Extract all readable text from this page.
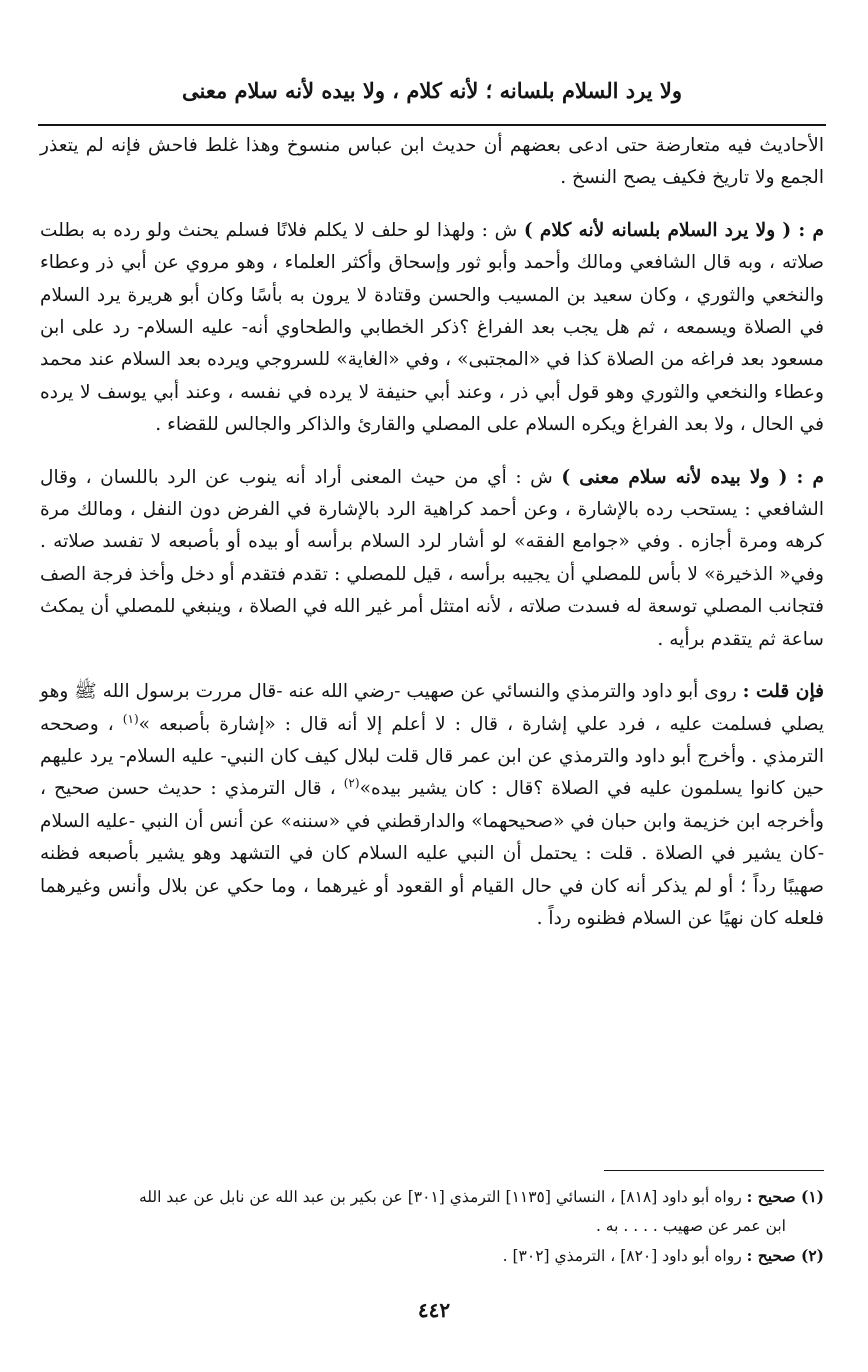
ولا يرد السلام بلسانه ؛ لأنه كلام ، ولا بيده لأنه سلام معنى

الأحاديث فيه متعارضة حتى ادعى بعضهم أن حديث ابن عباس منسوخ وهذا غلط فاحش فإنه لم يتعذر الجمع ولا تاريخ فكيف يصح النسخ .

م : ( ولا يرد السلام بلسانه لأنه كلام ) ش : ولهذا لو حلف لا يكلم فلانًا فسلم يحنث ولو رده به بطلت صلاته ، وبه قال الشافعي ومالك وأحمد وأبو ثور وإسحاق وأكثر العلماء ، وهو مروي عن أبي ذر وعطاء والنخعي والثوري ، وكان سعيد بن المسيب والحسن وقتادة لا يرون به بأسًا وكان أبو هريرة يرد السلام في الصلاة ويسمعه ، ثم هل يجب بعد الفراغ ؟ذكر الخطابي والطحاوي أنه- عليه السلام- رد على ابن مسعود بعد فراغه من الصلاة كذا في «المجتبى» ، وفي «الغاية» للسروجي ويرده بعد السلام عند محمد وعطاء والنخعي والثوري وهو قول أبي ذر ، وعند أبي حنيفة لا يرده في نفسه ، وعند أبي يوسف لا يرده في الحال ، ولا بعد الفراغ ويكره السلام على المصلي والقارئ والذاكر والجالس للقضاء .

م : ( ولا بيده لأنه سلام معنى ) ش : أي من حيث المعنى أراد أنه ينوب عن الرد باللسان ، وقال الشافعي : يستحب رده بالإشارة ، وعن أحمد كراهية الرد بالإشارة في الفرض دون النفل ، ومالك مرة كرهه ومرة أجازه . وفي «جوامع الفقه» لو أشار لرد السلام برأسه أو بيده أو بأصبعه لا تفسد صلاته . وفي« الذخيرة» لا بأس للمصلي أن يجيبه برأسه ، قيل للمصلي : تقدم فتقدم أو دخل وأخذ فرجة الصف فتجانب المصلي توسعة له فسدت صلاته ، لأنه امتثل أمر غير الله في الصلاة ، وينبغي للمصلي أن يمكث ساعة ثم يتقدم برأيه .

فإن قلت : روى أبو داود والترمذي والنسائي عن صهيب -رضي الله عنه -قال مررت برسول الله ﷺ وهو يصلي فسلمت عليه ، فرد علي إشارة ، قال : لا أعلم إلا أنه قال : «إشارة بأصبعه »$^{(١)}$ ، وصححه الترمذي . وأخرج أبو داود والترمذي عن ابن عمر قال قلت لبلال كيف كان النبي- عليه السلام- يرد عليهم حين كانوا يسلمون عليه في الصلاة ؟قال : كان يشير بيده»$^{(٢)}$ ، قال الترمذي : حديث حسن صحيح ، وأخرجه ابن خزيمة وابن حبان في «صحيحهما» والدارقطني في «سننه» عن أنس أن النبي -عليه السلام -كان يشير في الصلاة . قلت : يحتمل أن النبي عليه السلام كان في التشهد وهو يشير بأصبعه فظنه صهيبًا رداً ؛ أو لم يذكر أنه كان في حال القيام أو القعود أو غيرهما ، وما حكي عن بلال وأنس وغيرهما فلعله كان نهيًا عن السلام فظنوه رداً .

(١) صحيح : رواه أبو داود [٨١٨] ، النسائي [١١٣٥] الترمذي [٣٠١] عن بكير بن عبد الله عن نابل عن عبد الله

ابن عمر عن صهيب . . . . به .

(٢) صحيح : رواه أبو داود [٨٢٠] ، الترمذي [٣٠٢] .

٤٤٢
